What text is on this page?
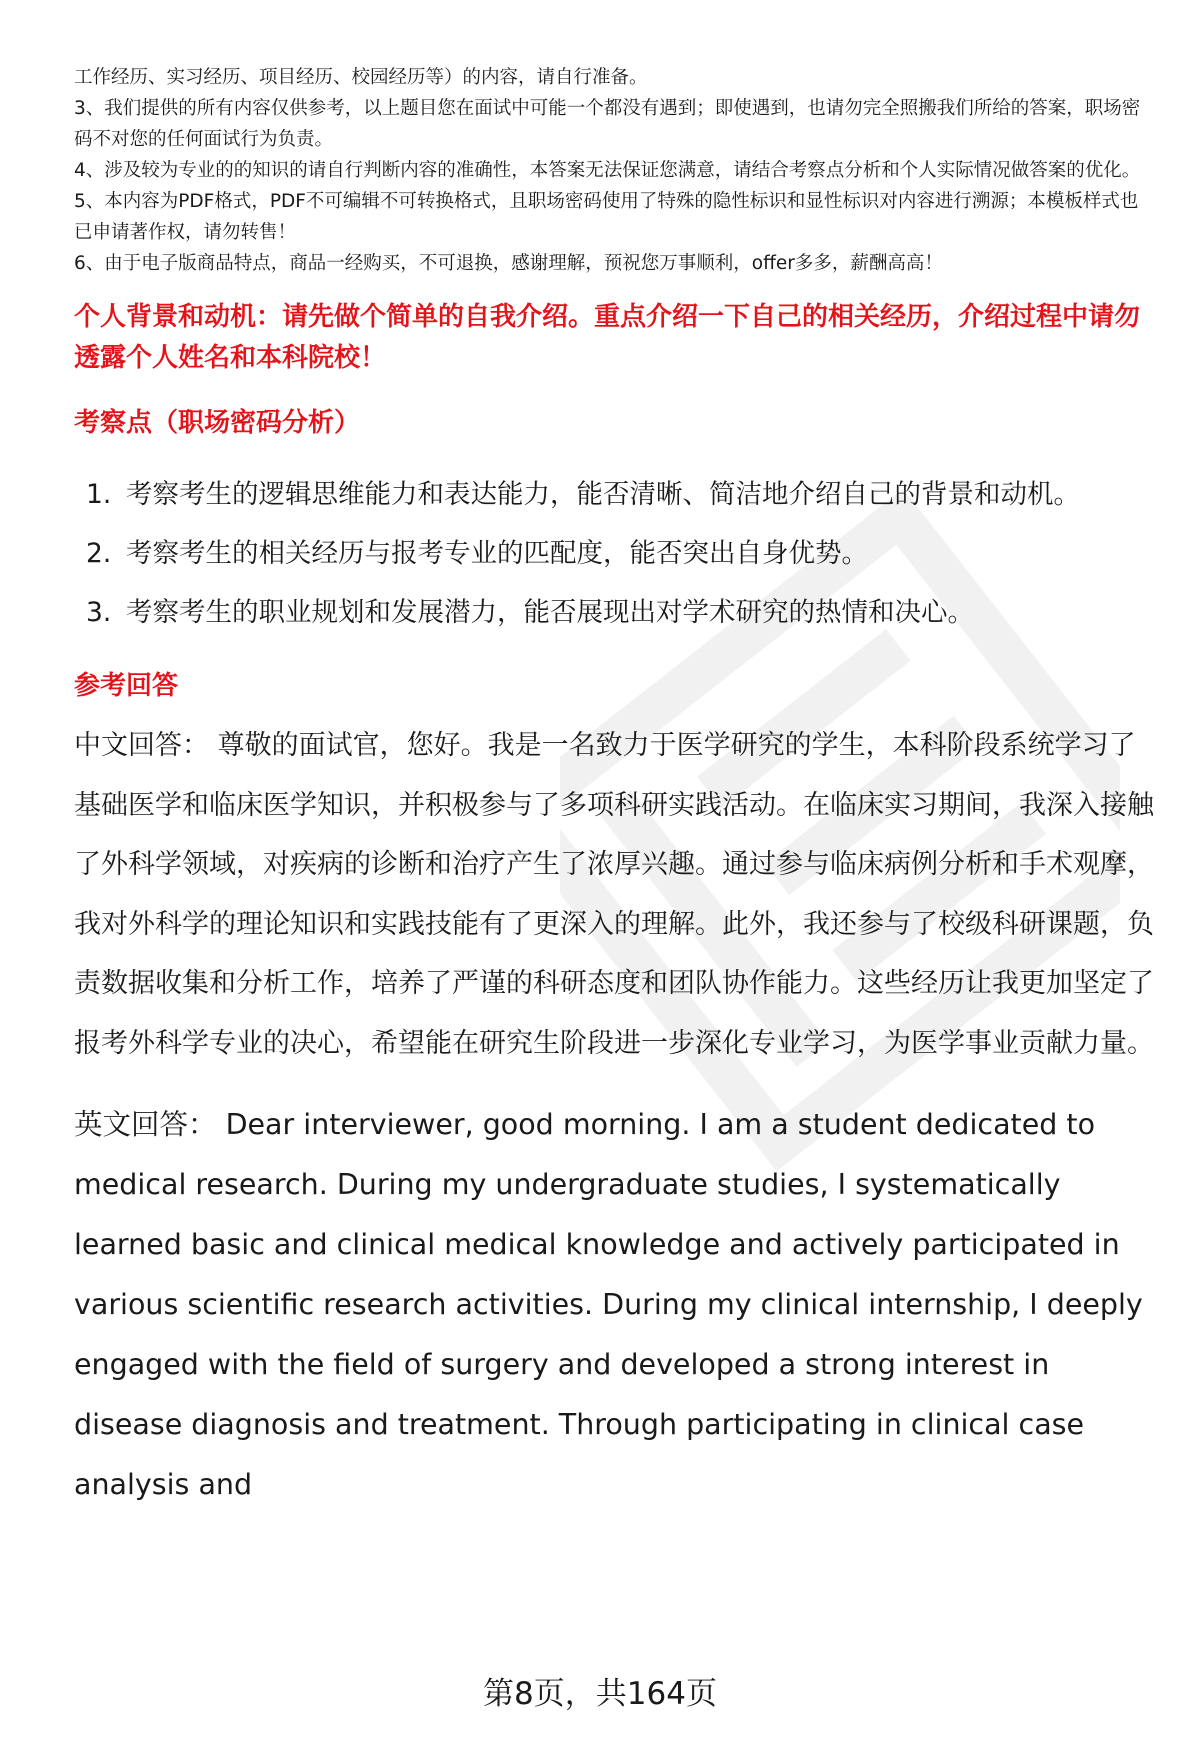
工作经历、实习经历、项目经历、校园经历等）的内容，请自行准备。

3、我们提供的所有内容仅供参考，以上题目您在面试中可能一个都没有遇到；即使遇到，也请勿完全照搬我们所给的答案，职场密码不对您的任何面试行为负责。

4、涉及较为专业的的知识的请自行判断内容的准确性，本答案无法保证您满意，请结合考察点分析和个人实际情况做答案的优化。

5、本内容为PDF格式，PDF不可编辑不可转换格式，且职场密码使用了特殊的隐性标识和显性标识对内容进行溯源；本模板样式也已申请著作权，请勿转售！

6、由于电子版商品特点，商品一经购买，不可退换，感谢理解，预祝您万事顺利，offer多多，薪酬高高！

个人背景和动机：请先做个简单的自我介绍。重点介绍一下自己的相关经历，介绍过程中请勿透露个人姓名和本科院校！
考察点（职场密码分析）
1. 考察考生的逻辑思维能力和表达能力，能否清晰、简洁地介绍自己的背景和动机。
2. 考察考生的相关经历与报考专业的匹配度，能否突出自身优势。
3. 考察考生的职业规划和发展潜力，能否展现出对学术研究的热情和决心。
参考回答

中文回答： 尊敬的面试官，您好。我是一名致力于医学研究的学生，本科阶段系统学习了基础医学和临床医学知识，并积极参与了多项科研实践活动。在临床实习期间，我深入接触了外科学领域，对疾病的诊断和治疗产生了浓厚兴趣。通过参与临床病例分析和手术观摩，我对外科学的理论知识和实践技能有了更深入的理解。此外，我还参与了校级科研课题，负责数据收集和分析工作，培养了严谨的科研态度和团队协作能力。这些经历让我更加坚定了报考外科学专业的决心，希望能在研究生阶段进一步深化专业学习，为医学事业贡献力量。

英文回答： Dear interviewer, good morning. I am a student dedicated to medical research. During my undergraduate studies, I systematically learned basic and clinical medical knowledge and actively participated in various scientific research activities. During my clinical internship, I deeply engaged with the field of surgery and developed a strong interest in disease diagnosis and treatment. Through participating in clinical case analysis and

第8页，共164页
